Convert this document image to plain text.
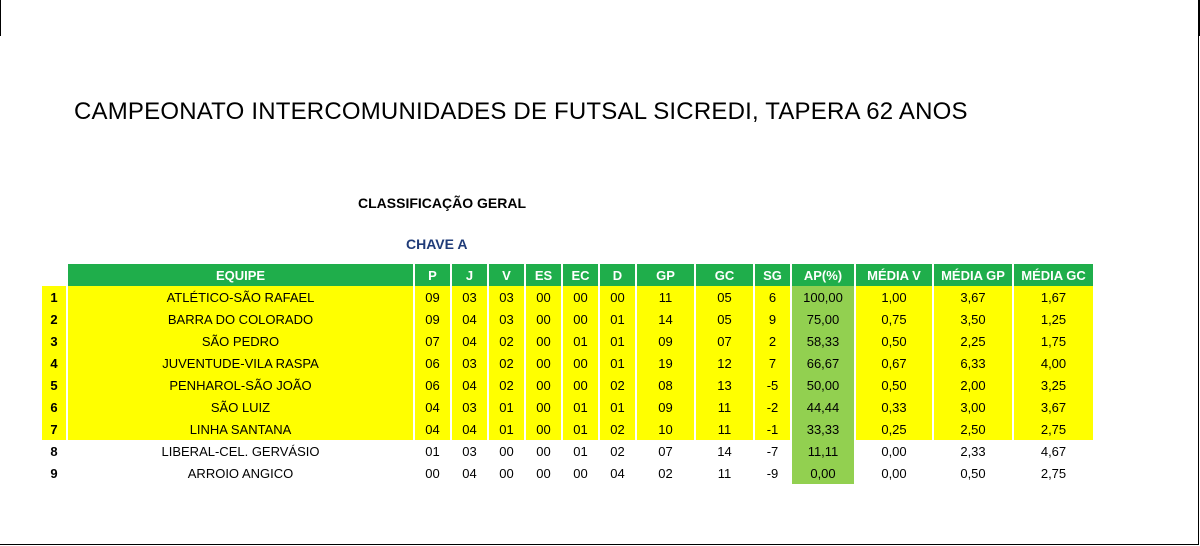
CAMPEONATO INTERCOMUNIDADES DE FUTSAL SICREDI, TAPERA 62 ANOS
CLASSIFICAÇÃO GERAL
CHAVE A
	EQUIPE	P	J	V	ES	EC	D	GP	GC	SG	AP(%)	MÉDIA V	MÉDIA GP	MÉDIA GC
1	ATLÉTICO-SÃO RAFAEL	09	03	03	00	00	00	11	05	6	100,00	1,00	3,67	1,67
2	BARRA DO COLORADO	09	04	03	00	00	01	14	05	9	75,00	0,75	3,50	1,25
3	SÃO PEDRO	07	04	02	00	01	01	09	07	2	58,33	0,50	2,25	1,75
4	JUVENTUDE-VILA RASPA	06	03	02	00	00	01	19	12	7	66,67	0,67	6,33	4,00
5	PENHAROL-SÃO JOÃO	06	04	02	00	00	02	08	13	-5	50,00	0,50	2,00	3,25
6	SÃO LUIZ	04	03	01	00	01	01	09	11	-2	44,44	0,33	3,00	3,67
7	LINHA SANTANA	04	04	01	00	01	02	10	11	-1	33,33	0,25	2,50	2,75
8	LIBERAL-CEL. GERVÁSIO	01	03	00	00	01	02	07	14	-7	11,11	0,00	2,33	4,67
9	ARROIO ANGICO	00	04	00	00	00	04	02	11	-9	0,00	0,00	0,50	2,75
